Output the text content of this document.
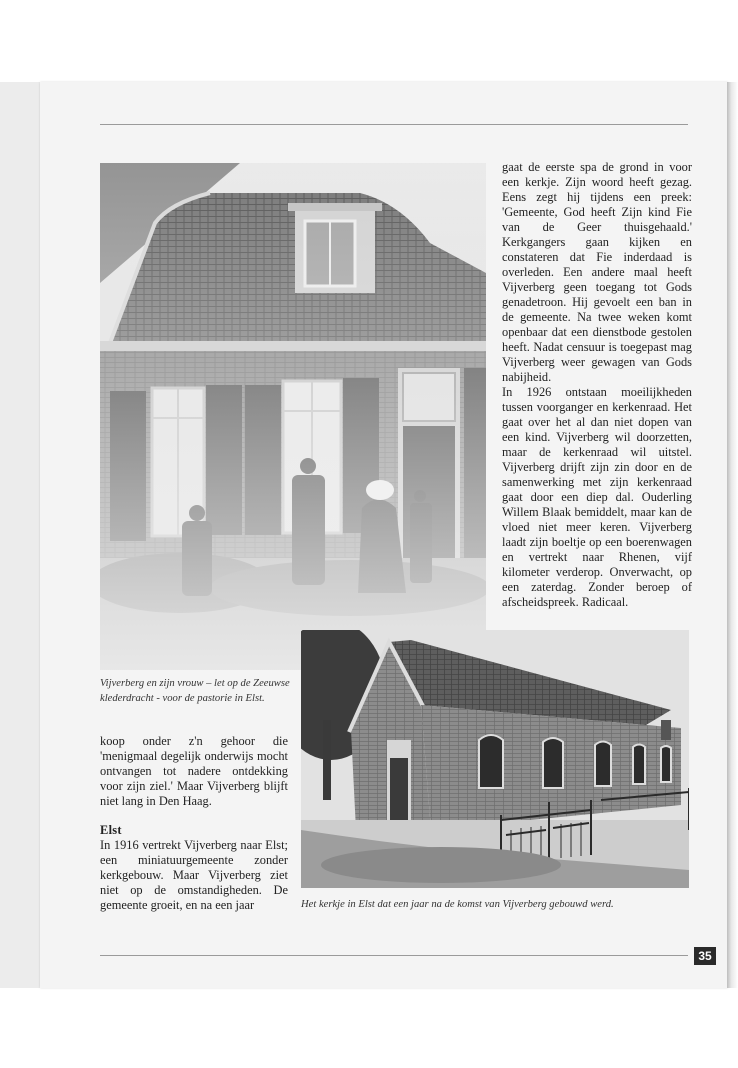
gaat de eerste spa de grond in voor een kerkje. Zijn woord heeft gezag. Eens zegt hij tijdens een preek: 'Gemeente, God heeft Zijn kind Fie van de Geer thuisgehaald.' Kerkgangers gaan kijken en constateren dat Fie inderdaad is overleden. Een andere maal heeft Vijverberg geen toegang tot Gods genadetroon. Hij gevoelt een ban in de gemeente. Na twee weken komt openbaar dat een dienstbode gestolen heeft. Nadat censuur is toegepast mag Vijverberg weer gewagen van Gods nabijheid.

In 1926 ontstaan moeilijkheden tussen voorganger en kerkenraad. Het gaat over het al dan niet dopen van een kind. Vijverberg wil doorzetten, maar de kerkenraad wil uitstel. Vijverberg drijft zijn zin door en de samenwerking met zijn kerkenraad gaat door een diep dal. Ouderling Willem Blaak bemiddelt, maar kan de vloed niet meer keren. Vijverberg laadt zijn boeltje op een boerenwagen en vertrekt naar Rhenen, vijf kilometer verderop. Onverwacht, op een zaterdag. Zonder beroep of afscheidspreek. Radicaal.

Vijverberg en zijn vrouw – let op de Zeeuwse klederdracht - voor de pastorie in Elst.

koop onder z'n gehoor die 'menigmaal degelijk onderwijs mocht ontvangen tot nadere ontdekking voor zijn ziel.' Maar Vijverberg blijft niet lang in Den Haag.

Elst

In 1916 vertrekt Vijverberg naar Elst; een miniatuurgemeente zonder kerkgebouw. Maar Vijverberg ziet niet op de omstandigheden. De gemeente groeit, en na een jaar	Het kerkje in Elst dat een jaar na de komst van Vijverberg gebouwd werd.
35
